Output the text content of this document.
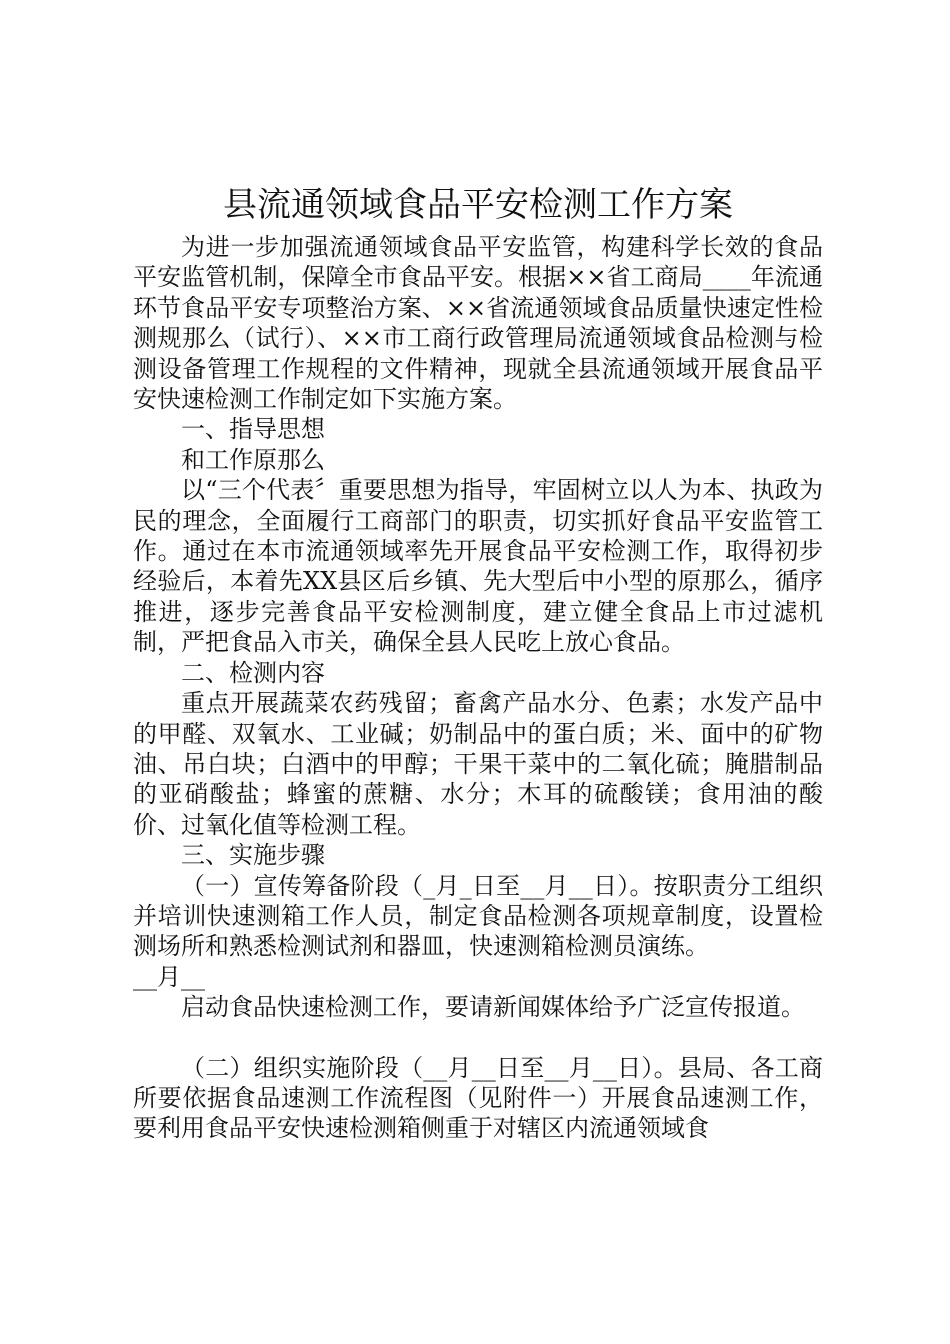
县流通领域食品平安检测工作方案

为进一步加强流通领域食品平安监管，构建科学长效的食品平安监管机制，保障全市食品平安。根据××省工商局____年流通环节食品平安专项整治方案、××省流通领域食品质量快速定性检测规那么（试行）、××市工商行政管理局流通领域食品检测与检测设备管理工作规程的文件精神，现就全县流通领域开展食品平安快速检测工作制定如下实施方案。

一、指导思想

和工作原那么

以“三个代表〞重要思想为指导，牢固树立以人为本、执政为民的理念，全面履行工商部门的职责，切实抓好食品平安监管工作。通过在本市流通领域率先开展食品平安检测工作，取得初步经验后，本着先XX县区后乡镇、先大型后中小型的原那么，循序推进，逐步完善食品平安检测制度，建立健全食品上市过滤机制，严把食品入市关，确保全县人民吃上放心食品。

二、检测内容

重点开展蔬菜农药残留；畜禽产品水分、色素；水发产品中的甲醛、双氧水、工业碱；奶制品中的蛋白质；米、面中的矿物油、吊白块；白酒中的甲醇；干果干菜中的二氧化硫；腌腊制品的亚硝酸盐；蜂蜜的蔗糖、水分；木耳的硫酸镁；食用油的酸价、过氧化值等检测工程。

三、实施步骤

（一）宣传筹备阶段（_月_日至__月__日）。按职责分工组织并培训快速测箱工作人员，制定食品检测各项规章制度，设置检测场所和熟悉检测试剂和器皿，快速测箱检测员演练。

__月__

启动食品快速检测工作，要请新闻媒体给予广泛宣传报道。

（二）组织实施阶段（__月__日至__月__日）。县局、各工商所要依据食品速测工作流程图（见附件一）开展食品速测工作，要利用食品平安快速检测箱侧重于对辖区内流通领域食
